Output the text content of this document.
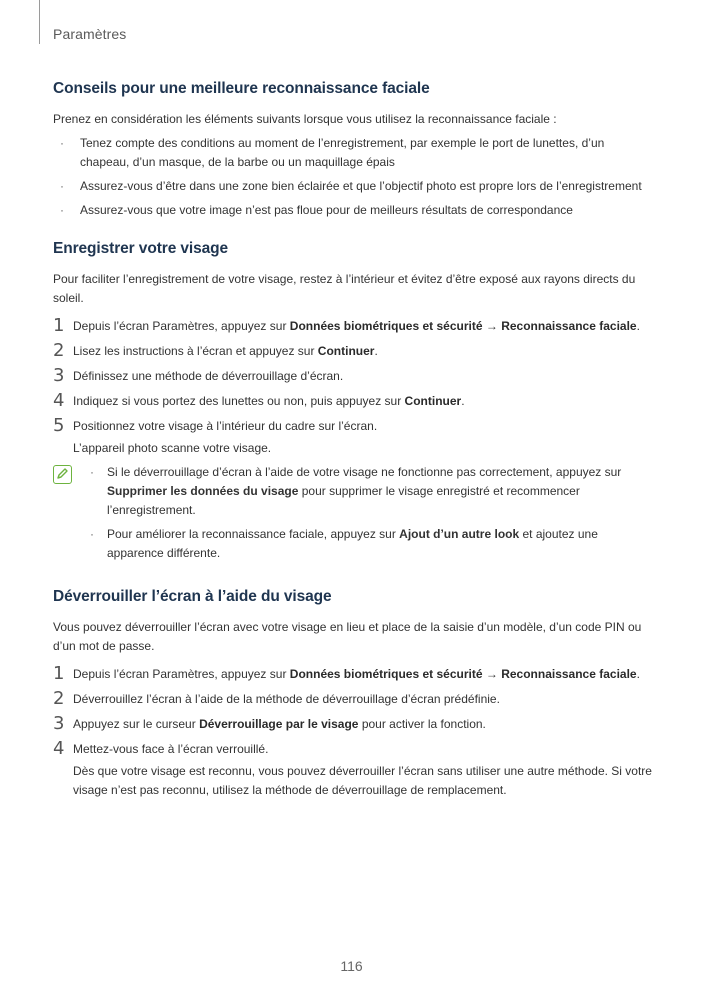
Paramètres
Conseils pour une meilleure reconnaissance faciale

Prenez en considération les éléments suivants lorsque vous utilisez la reconnaissance faciale :

· Tenez compte des conditions au moment de l’enregistrement, par exemple le port de lunettes, d’un chapeau, d’un masque, de la barbe ou un maquillage épais
· Assurez-vous d’être dans une zone bien éclairée et que l’objectif photo est propre lors de l’enregistrement
· Assurez-vous que votre image n’est pas floue pour de meilleurs résultats de correspondance
Enregistrer votre visage

Pour faciliter l’enregistrement de votre visage, restez à l’intérieur et évitez d’être exposé aux rayons directs du soleil.

1 Depuis l’écran Paramètres, appuyez sur Données biométriques et sécurité → Reconnaissance faciale.
2 Lisez les instructions à l’écran et appuyez sur Continuer.
3 Définissez une méthode de déverrouillage d’écran.
4 Indiquez si vous portez des lunettes ou non, puis appuyez sur Continuer.
5 Positionnez votre visage à l’intérieur du cadre sur l’écran.
L’appareil photo scanne votre visage.
· Si le déverrouillage d’écran à l’aide de votre visage ne fonctionne pas correctement, appuyez sur Supprimer les données du visage pour supprimer le visage enregistré et recommencer l’enregistrement.
· Pour améliorer la reconnaissance faciale, appuyez sur Ajout d’un autre look et ajoutez une apparence différente.
Déverrouiller l’écran à l’aide du visage

Vous pouvez déverrouiller l’écran avec votre visage en lieu et place de la saisie d’un modèle, d’un code PIN ou d’un mot de passe.

1 Depuis l’écran Paramètres, appuyez sur Données biométriques et sécurité → Reconnaissance faciale.
2 Déverrouillez l’écran à l’aide de la méthode de déverrouillage d’écran prédéfinie.
3 Appuyez sur le curseur Déverrouillage par le visage pour activer la fonction.
4 Mettez-vous face à l’écran verrouillé.
Dès que votre visage est reconnu, vous pouvez déverrouiller l’écran sans utiliser une autre méthode. Si votre visage n’est pas reconnu, utilisez la méthode de déverrouillage de remplacement.
116
